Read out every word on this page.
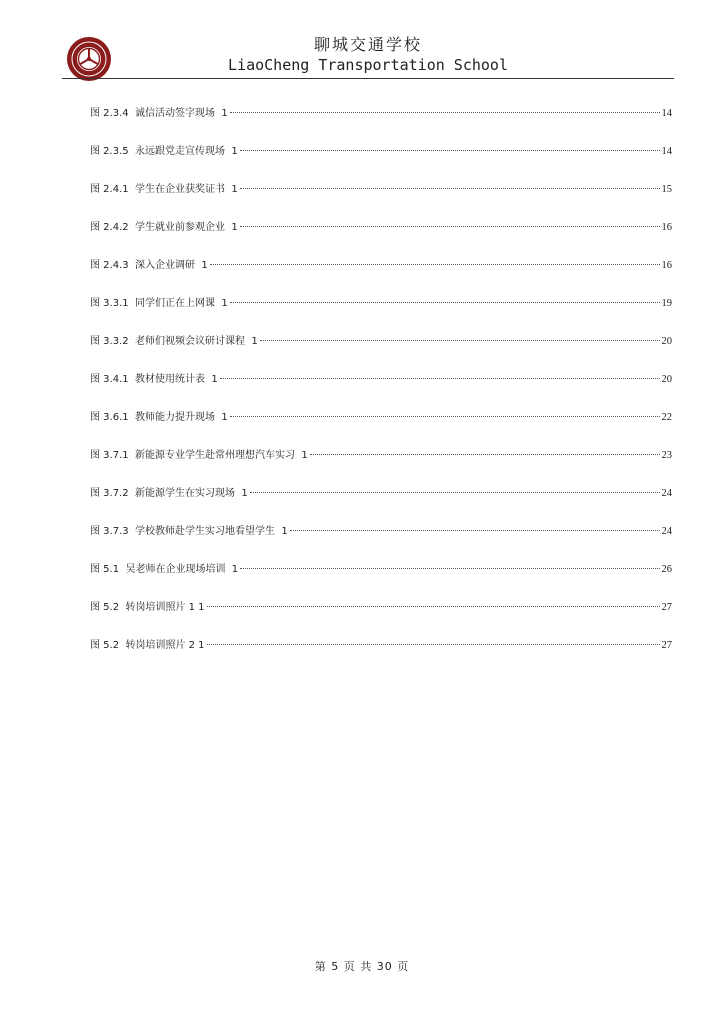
聊城交通学校
LiaoCheng Transportation School
图 2.3.4  诚信活动签字现场  1	14
图 2.3.5  永远跟党走宣传现场  1	14
图 2.4.1  学生在企业获奖证书  1	15
图 2.4.2  学生就业前参观企业  1	16
图 2.4.3  深入企业调研  1	16
图 3.3.1  同学们正在上网课  1	19
图 3.3.2  老师们视频会议研讨课程  1	20
图 3.4.1  教材使用统计表  1	20
图 3.6.1  教师能力提升现场  1	22
图 3.7.1  新能源专业学生赴常州理想汽车实习  1	23
图 3.7.2  新能源学生在实习现场  1	24
图 3.7.3  学校教师赴学生实习地看望学生  1	24
图 5.1  吴老师在企业现场培训  1	26
图 5.2  转岗培训照片 1 1	27
图 5.2  转岗培训照片 2 1	27
第 5 页 共 30 页
